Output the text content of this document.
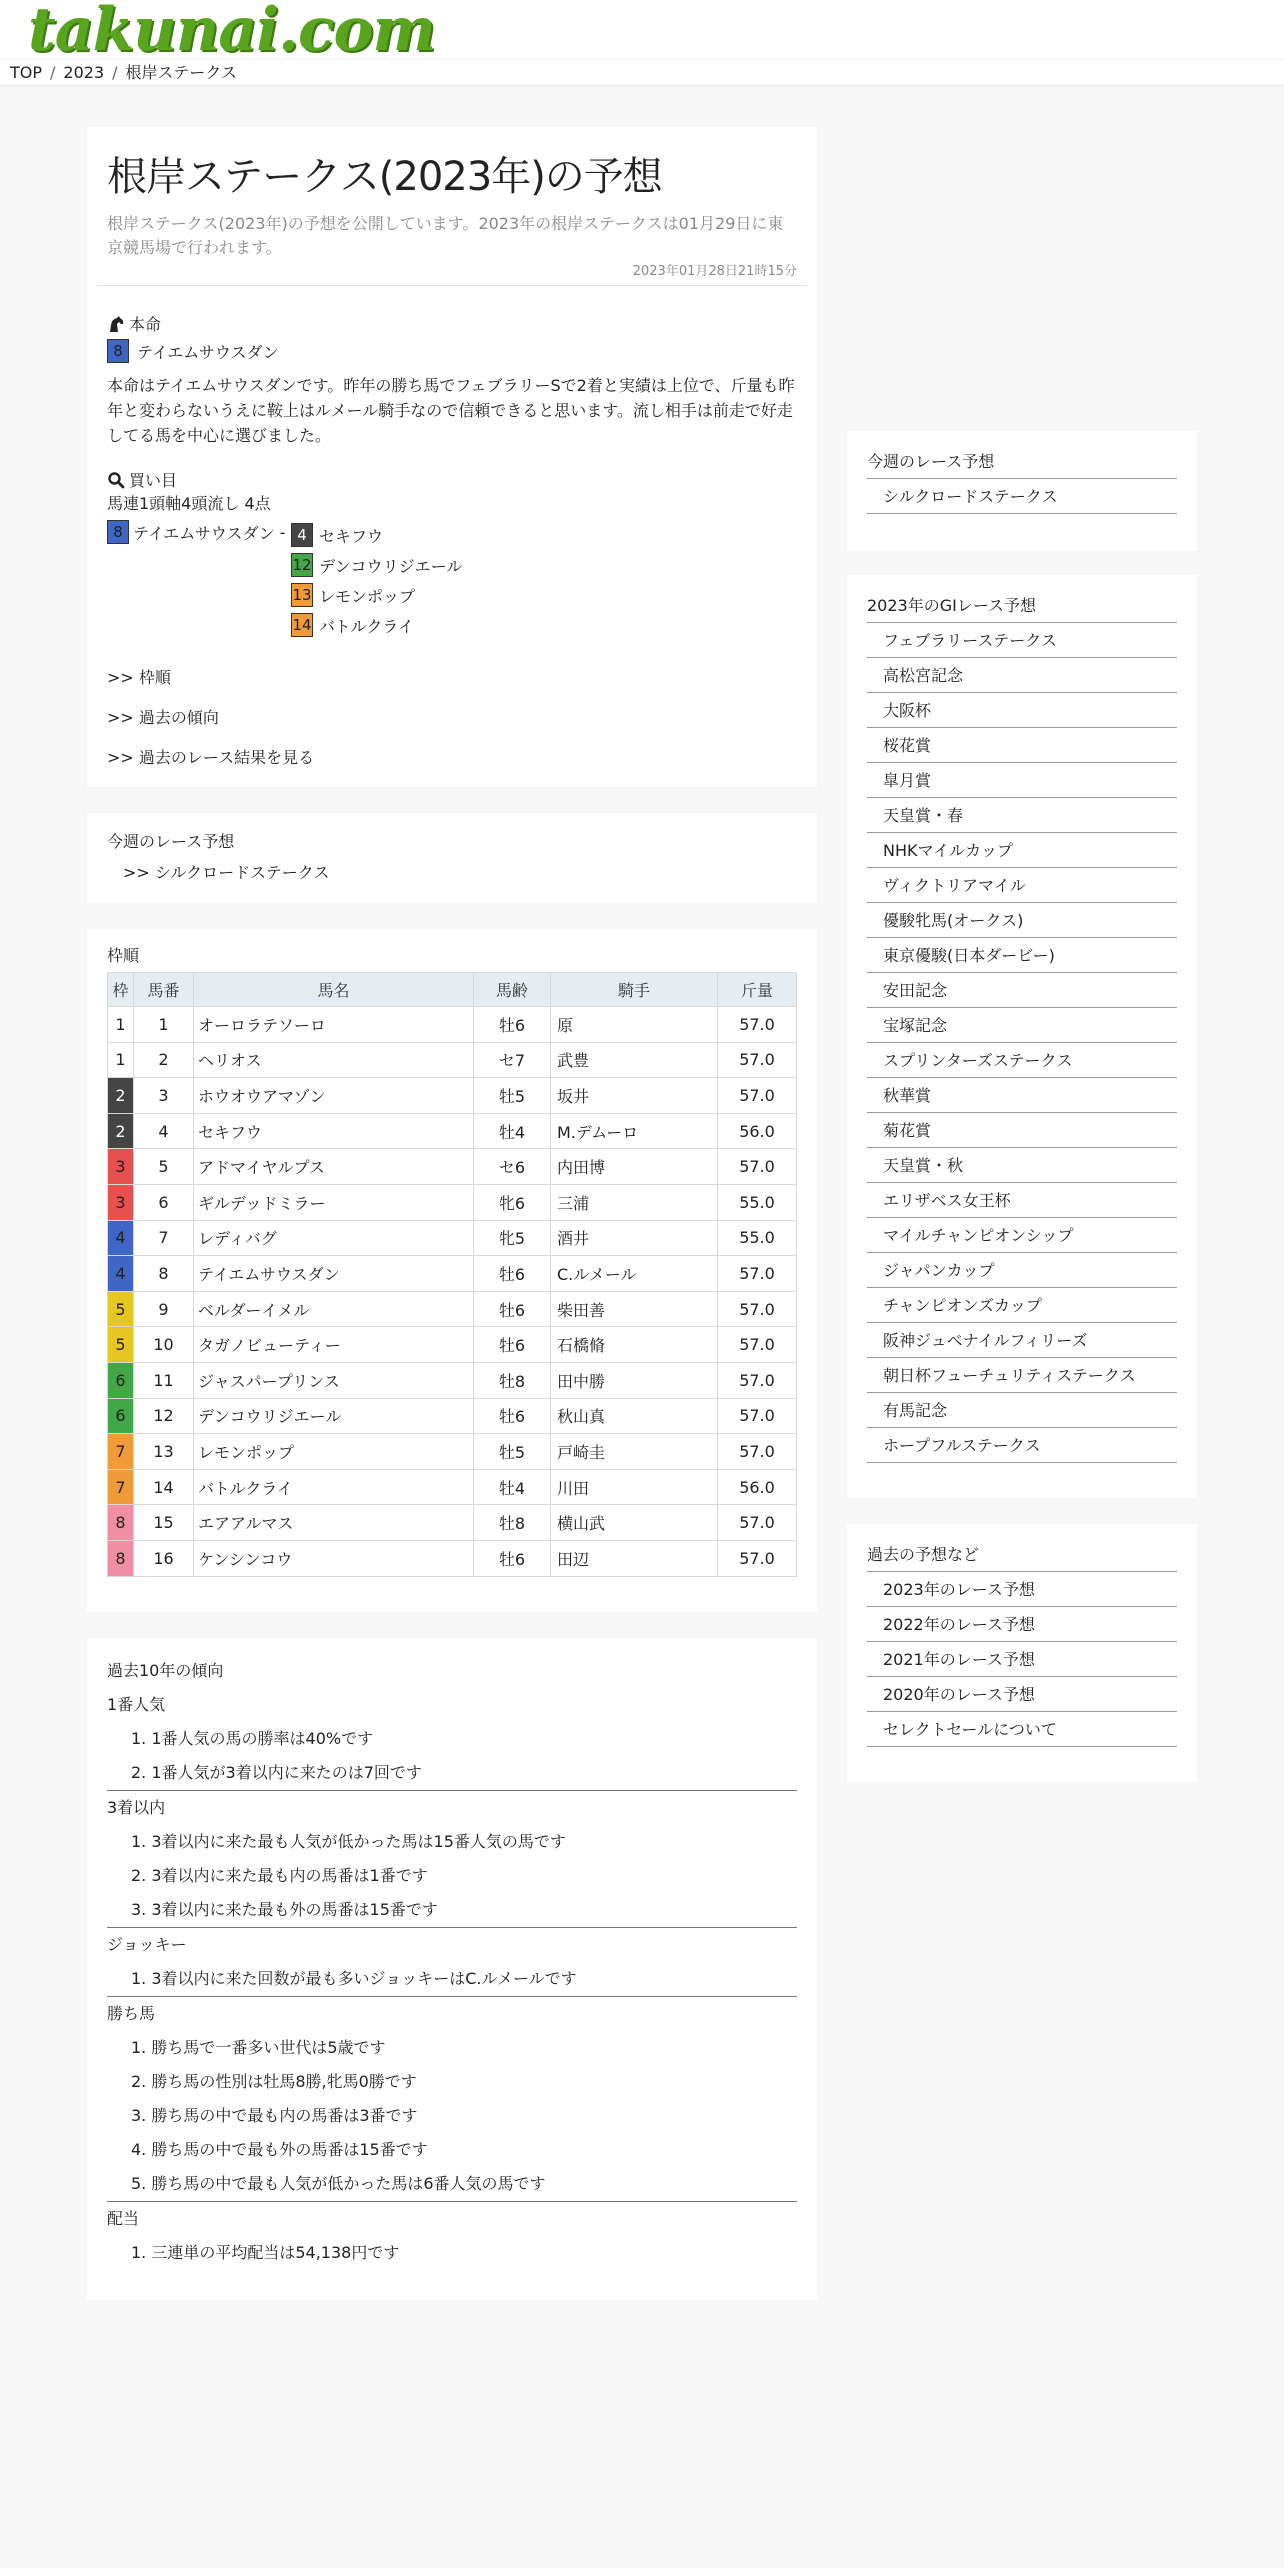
takunai.com
TOP / 2023 / 根岸ステークス
根岸ステークス(2023年)の予想

根岸ステークス(2023年)の予想を公開しています。2023年の根岸ステークスは01月29日に東京競馬場で行われます。

2023年01月28日21時15分
本命
8 テイエムサウスダン

本命はテイエムサウスダンです。昨年の勝ち馬でフェブラリーSで2着と実績は上位で、斤量も昨年と変わらないうえに鞍上はルメール騎手なので信頼できると思います。流し相手は前走で好走してる馬を中心に選びました。

買い目
馬連1頭軸4頭流し 4点
8 テイエムサウスダン - 4 セキフウ
12 デンコウリジエール
13 レモンポップ
14 バトルクライ
>> 枠順
>> 過去の傾向
>> 過去のレース結果を見る
今週のレース予想
>> シルクロードステークス
枠順
枠	馬番	馬名	馬齢	騎手	斤量
1	1	オーロラテソーロ	牡6	原	57.0
1	2	ヘリオス	セ7	武豊	57.0
2	3	ホウオウアマゾン	牡5	坂井	57.0
2	4	セキフウ	牡4	M.デムーロ	56.0
3	5	アドマイヤルプス	セ6	内田博	57.0
3	6	ギルデッドミラー	牝6	三浦	55.0
4	7	レディバグ	牝5	酒井	55.0
4	8	テイエムサウスダン	牡6	C.ルメール	57.0
5	9	ベルダーイメル	牡6	柴田善	57.0
5	10	タガノビューティー	牡6	石橋脩	57.0
6	11	ジャスパープリンス	牡8	田中勝	57.0
6	12	デンコウリジエール	牡6	秋山真	57.0
7	13	レモンポップ	牡5	戸崎圭	57.0
7	14	バトルクライ	牡4	川田	56.0
8	15	エアアルマス	牡8	横山武	57.0
8	16	ケンシンコウ	牡6	田辺	57.0
過去10年の傾向
1番人気
1. 1番人気の馬の勝率は40%です
2. 1番人気が3着以内に来たのは7回です
3着以内
1. 3着以内に来た最も人気が低かった馬は15番人気の馬です
2. 3着以内に来た最も内の馬番は1番です
3. 3着以内に来た最も外の馬番は15番です
ジョッキー
1. 3着以内に来た回数が最も多いジョッキーはC.ルメールです
勝ち馬
1. 勝ち馬で一番多い世代は5歳です
2. 勝ち馬の性別は牡馬8勝,牝馬0勝です
3. 勝ち馬の中で最も内の馬番は3番です
4. 勝ち馬の中で最も外の馬番は15番です
5. 勝ち馬の中で最も人気が低かった馬は6番人気の馬です
配当
1. 三連単の平均配当は54,138円です
今週のレース予想
シルクロードステークス
2023年のGⅠレース予想
フェブラリーステークス
高松宮記念
大阪杯
桜花賞
皐月賞
天皇賞・春
NHKマイルカップ
ヴィクトリアマイル
優駿牝馬(オークス)
東京優駿(日本ダービー)
安田記念
宝塚記念
スプリンターズステークス
秋華賞
菊花賞
天皇賞・秋
エリザベス女王杯
マイルチャンピオンシップ
ジャパンカップ
チャンピオンズカップ
阪神ジュベナイルフィリーズ
朝日杯フューチュリティステークス
有馬記念
ホープフルステークス
過去の予想など
2023年のレース予想
2022年のレース予想
2021年のレース予想
2020年のレース予想
セレクトセールについて
